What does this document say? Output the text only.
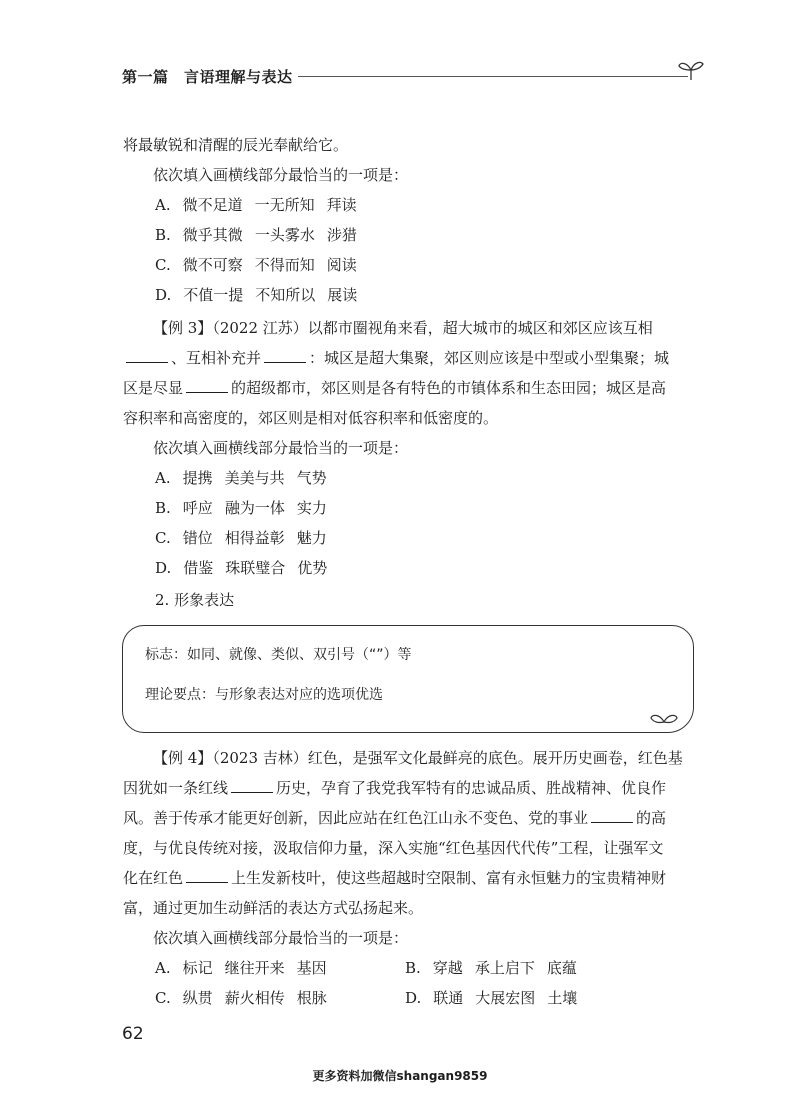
第一篇　言语理解与表达
将最敏锐和清醒的辰光奉献给它。
依次填入画横线部分最恰当的一项是：
A. 微不足道 一无所知 拜读
B. 微乎其微 一头雾水 涉猎
C. 微不可察 不得而知 阅读
D. 不值一提 不知所以 展读
【例 3】（2022 江苏）以都市圈视角来看，超大城市的城区和郊区应该互相
、互相补充并	：城区是超大集聚，郊区则应该是中型或小型集聚；城
区是尽显	的超级都市，郊区则是各有特色的市镇体系和生态田园；城区是高
容积率和高密度的，郊区则是相对低容积率和低密度的。
依次填入画横线部分最恰当的一项是：
A. 提携 美美与共 气势
B. 呼应 融为一体 实力
C. 错位 相得益彰 魅力
D. 借鉴 珠联璧合 优势
2. 形象表达
标志：如同、就像、类似、双引号（“”）等
理论要点：与形象表达对应的选项优选
【例 4】（2023 吉林）红色，是强军文化最鲜亮的底色。展开历史画卷，红色基
因犹如一条红线	历史，孕育了我党我军特有的忠诚品质、胜战精神、优良作
风。善于传承才能更好创新，因此应站在红色江山永不变色、党的事业	的高
度，与优良传统对接，汲取信仰力量，深入实施“红色基因代代传”工程，让强军文
化在红色	上生发新枝叶，使这些超越时空限制、富有永恒魅力的宝贵精神财
富，通过更加生动鲜活的表达方式弘扬起来。
依次填入画横线部分最恰当的一项是：
A. 标记 继往开来 基因	B. 穿越 承上启下 底蕴
C. 纵贯 薪火相传 根脉	D. 联通 大展宏图 土壤
62
更多资料加微信shangan9859
